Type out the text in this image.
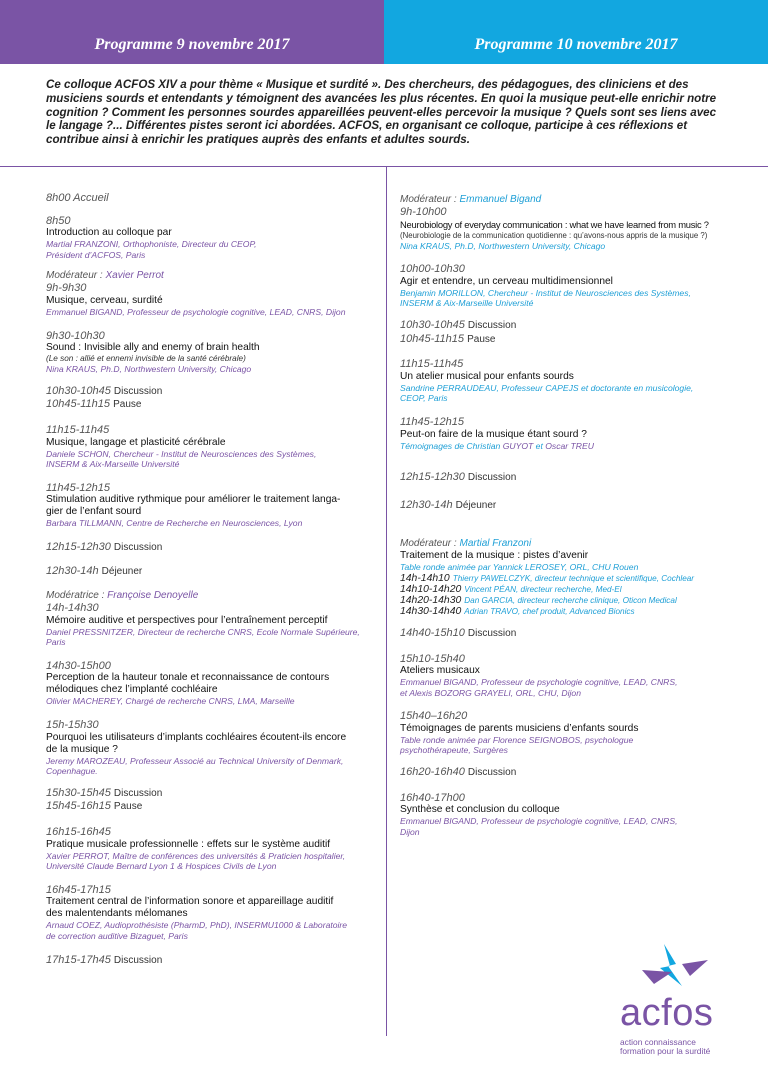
Programme 9 novembre 2017	Programme 10 novembre 2017

Ce colloque ACFOS XIV a pour thème « Musique et surdité ». Des chercheurs, des pédagogues, des cliniciens et des musiciens sourds et entendants y témoignent des avancées les plus récentes. En quoi la musique peut-elle enrichir notre cognition ? Comment les personnes sourdes appareillées peuvent-elles percevoir la musique ? Quels sont ses liens avec le langage ?... Différentes pistes seront ici abordées. ACFOS, en organisant ce colloque, participe à ces réflexions et contribue ainsi à enrichir les pratiques auprès des enfants et adultes sourds.

8h00 Accueil
8h50
Introduction au colloque par
Martial FRANZONI, Orthophoniste, Directeur du CEOP,
Président d’ACFOS, Paris
Modérateur : Xavier Perrot
9h-9h30
Musique, cerveau, surdité
Emmanuel BIGAND, Professeur de psychologie cognitive, LEAD, CNRS, Dijon
9h30-10h30
Sound : Invisible ally and enemy of brain health
(Le son : allié et ennemi invisible de la santé cérébrale)
Nina KRAUS, Ph.D, Northwestern University, Chicago
10h30-10h45 Discussion
10h45-11h15 Pause
11h15-11h45
Musique, langage et plasticité cérébrale
Daniele SCHON, Chercheur - Institut de Neurosciences des Systèmes,
INSERM & Aix-Marseille Université
11h45-12h15
Stimulation auditive rythmique pour améliorer le traitement langa-
gier de l’enfant sourd
Barbara TILLMANN, Centre de Recherche en Neurosciences, Lyon
12h15-12h30 Discussion
12h30-14h Déjeuner
Modératrice : Françoise Denoyelle
14h-14h30
Mémoire auditive et perspectives pour l’entraînement perceptif
Daniel PRESSNITZER, Directeur de recherche CNRS, Ecole Normale Supérieure,
Paris
14h30-15h00
Perception de la hauteur tonale et reconnaissance de contours
mélodiques chez l’implanté cochléaire
Olivier MACHEREY, Chargé de recherche CNRS, LMA, Marseille
15h-15h30
Pourquoi les utilisateurs d’implants cochléaires écoutent-ils encore
de la musique ?
Jeremy MAROZEAU, Professeur Associé au Technical University of Denmark,
Copenhague.
15h30-15h45 Discussion
15h45-16h15 Pause
16h15-16h45
Pratique musicale professionnelle : effets sur le système auditif
Xavier PERROT, Maître de conférences des universités & Praticien hospitalier,
Université Claude Bernard Lyon 1 & Hospices Civils de Lyon
16h45-17h15
Traitement central de l’information sonore et appareillage auditif
des malentendants mélomanes
Arnaud COEZ, Audioprothésiste (PharmD, PhD), INSERMU1000 & Laboratoire
de correction auditive Bizaguet, Paris
17h15-17h45 Discussion
Modérateur : Emmanuel Bigand
9h-10h00
Neurobiology of everyday communication : what we have learned from music ?
(Neurobiologie de la communication quotidienne : qu’avons-nous appris de la musique ?)
Nina KRAUS, Ph.D, Northwestern University, Chicago
10h00-10h30
Agir et entendre, un cerveau multidimensionnel
Benjamin MORILLON, Chercheur - Institut de Neurosciences des Systèmes,
INSERM & Aix-Marseille Université
10h30-10h45 Discussion
10h45-11h15 Pause
11h15-11h45
Un atelier musical pour enfants sourds
Sandrine PERRAUDEAU, Professeur CAPEJS et doctorante en musicologie,
CEOP, Paris
11h45-12h15
Peut-on faire de la musique étant sourd ?
Témoignages de Christian GUYOT et Oscar TREU
12h15-12h30 Discussion
12h30-14h Déjeuner
Modérateur : Martial Franzoni
Traitement de la musique : pistes d’avenir
Table ronde animée par Yannick LEROSEY, ORL, CHU Rouen
14h-14h10 Thierry PAWELCZYK, directeur technique et scientifique, Cochlear
14h10-14h20 Vincent PÉAN, directeur recherche, Med-El
14h20-14h30 Dan GARCIA, directeur recherche clinique, Oticon Medical
14h30-14h40 Adrian TRAVO, chef produit, Advanced Bionics
14h40-15h10 Discussion
15h10-15h40
Ateliers musicaux
Emmanuel BIGAND, Professeur de psychologie cognitive, LEAD, CNRS,
et Alexis BOZORG GRAYELI, ORL, CHU, Dijon
15h40–16h20
Témoignages de parents musiciens d’enfants sourds
Table ronde animée par Florence SEIGNOBOS, psychologue
psychothérapeute, Surgères
16h20-16h40 Discussion
16h40-17h00
Synthèse et conclusion du colloque
Emmanuel BIGAND, Professeur de psychologie cognitive, LEAD, CNRS,
Dijon
acfos
action connaissance
formation pour la surdité
